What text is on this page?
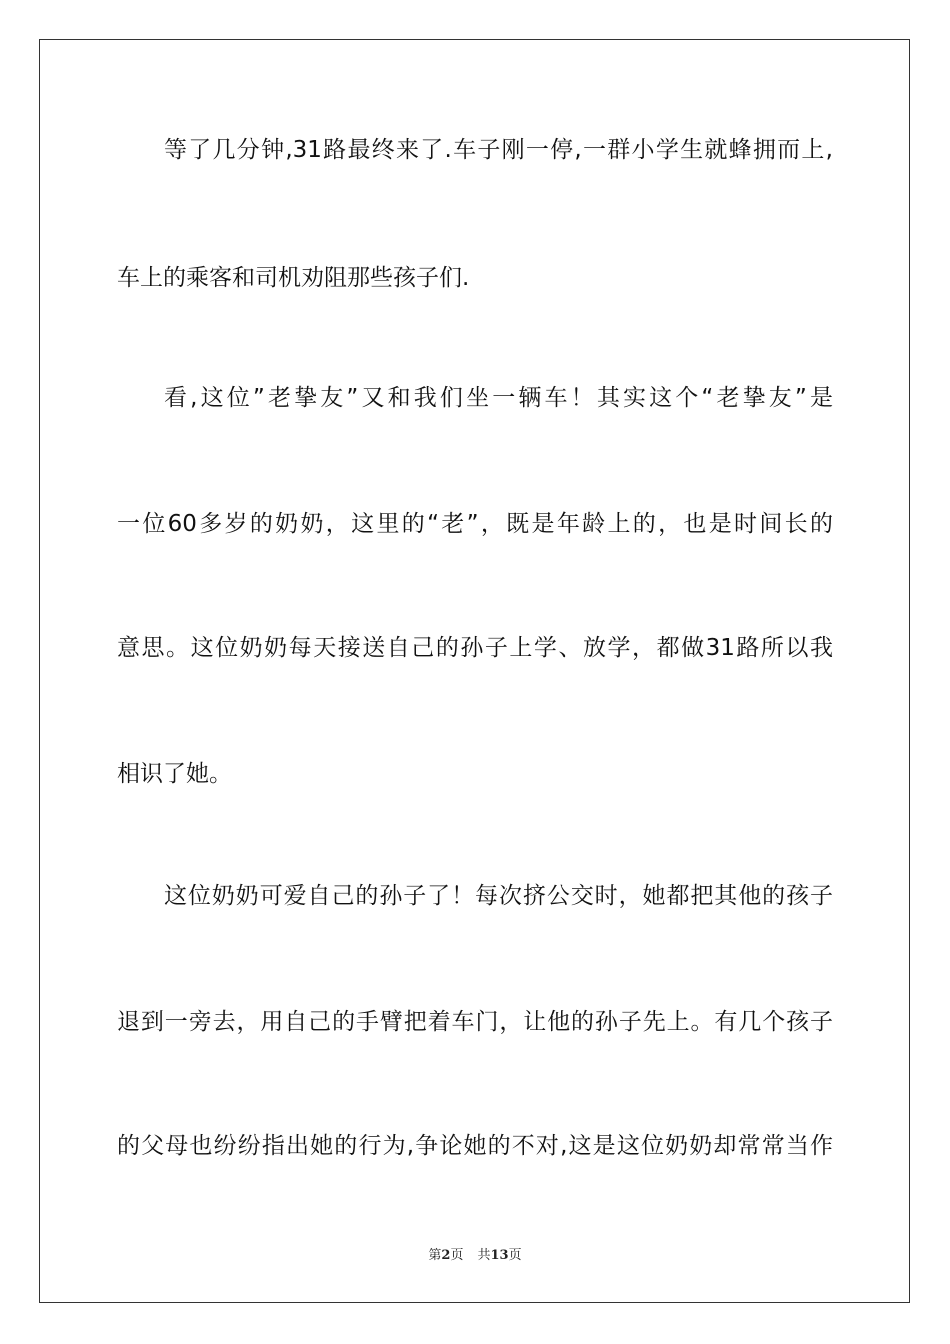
等了几分钟,31路最终来了.车子刚一停,一群小学生就蜂拥而上,
车上的乘客和司机劝阻那些孩子们.
看,这位”老挚友”又和我们坐一辆车！其实这个“老挚友”是
一位60多岁的奶奶，这里的“老”，既是年龄上的，也是时间长的
意思。这位奶奶每天接送自己的孙子上学、放学，都做31路所以我
相识了她。
这位奶奶可爱自己的孙子了！每次挤公交时，她都把其他的孩子
退到一旁去，用自己的手臂把着车门，让他的孙子先上。有几个孩子
的父母也纷纷指出她的行为,争论她的不对,这是这位奶奶却常常当作
第2页 共13页
